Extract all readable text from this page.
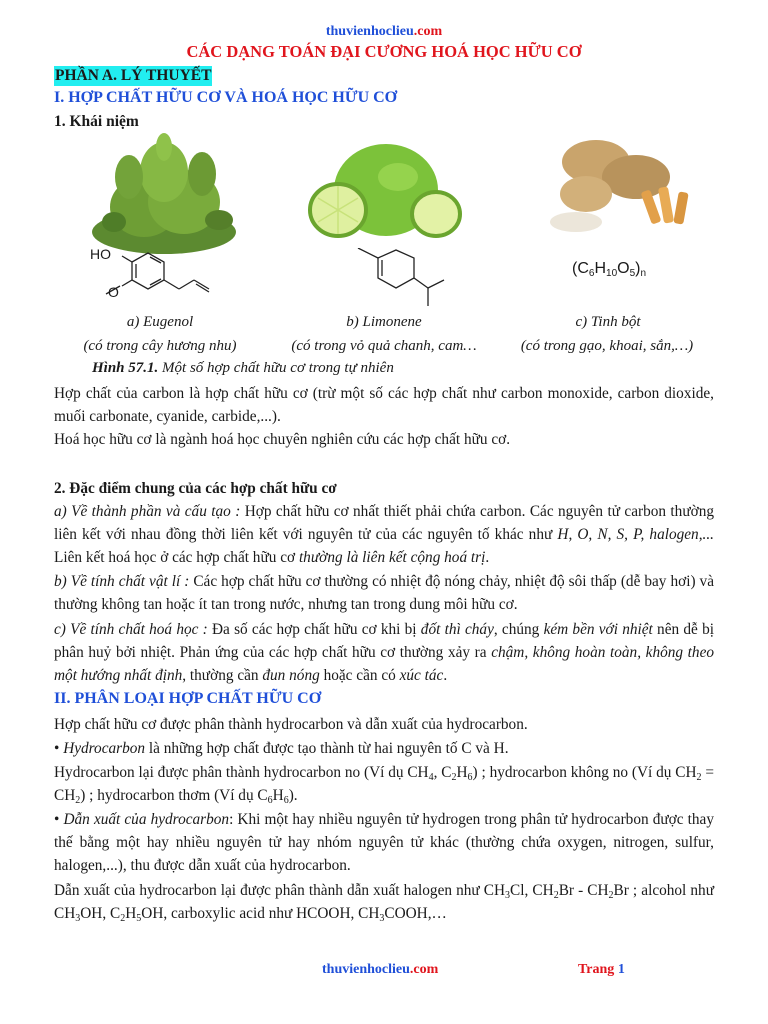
thuvienhoclieu.com
CÁC DẠNG TOÁN ĐẠI CƯƠNG HOÁ HỌC HỮU CƠ
PHẦN A. LÝ THUYẾT
I. HỢP CHẤT HỮU CƠ VÀ HOÁ HỌC HỮU CƠ
1. Khái niệm
HO
O
$(C_6H_{10}O_5)_n$
a) Eugenol	b) Limonene	c) Tinh bột
(có trong cây hương nhu)	(có trong vỏ quả chanh, cam…	(có trong gạo, khoai, sắn,…)
Hình 57.1. Một số hợp chất hữu cơ trong tự nhiên
Hợp chất của carbon là hợp chất hữu cơ (trừ một số các hợp chất như carbon monoxide, carbon dioxide, muối carbonate, cyanide, carbide,...).
Hoá học hữu cơ là ngành hoá học chuyên nghiên cứu các hợp chất hữu cơ.
2. Đặc điểm chung của các hợp chất hữu cơ
a) Về thành phần và cấu tạo : Hợp chất hữu cơ nhất thiết phải chứa carbon. Các nguyên tử carbon thường liên kết với nhau đồng thời liên kết với nguyên tử của các nguyên tố khác như H, O, N, S, P, halogen,... Liên kết hoá học ở các hợp chất hữu cơ thường là liên kết cộng hoá trị.
b) Về tính chất vật lí : Các hợp chất hữu cơ thường có nhiệt độ nóng chảy, nhiệt độ sôi thấp (dễ bay hơi) và thường không tan hoặc ít tan trong nước, nhưng tan trong dung môi hữu cơ.
c) Về tính chất hoá học : Đa số các hợp chất hữu cơ khi bị đốt thì cháy, chúng kém bền với nhiệt nên dễ bị phân huỷ bởi nhiệt. Phản ứng của các hợp chất hữu cơ thường xảy ra chậm, không hoàn toàn, không theo một hướng nhất định, thường cần đun nóng hoặc cần có xúc tác.
II. PHÂN LOẠI HỢP CHẤT HỮU CƠ
Hợp chất hữu cơ được phân thành hydrocarbon và dẫn xuất của hydrocarbon.
• Hydrocarbon là những hợp chất được tạo thành từ hai nguyên tố C và H.
Hydrocarbon lại được phân thành hydrocarbon no (Ví dụ $CH_4$, $C_2H_6$) ; hydrocarbon không no (Ví dụ $CH_2 = CH_2$) ; hydrocarbon thơm (Ví dụ $C_6H_6$).
• Dẫn xuất của hydrocarbon: Khi một hay nhiều nguyên tử hydrogen trong phân tử hydrocarbon được thay thế bằng một hay nhiều nguyên tử hay nhóm nguyên tử khác (thường chứa oxygen, nitrogen, sulfur, halogen,...), thu được dẫn xuất của hydrocarbon.
Dẫn xuất của hydrocarbon lại được phân thành dẫn xuất halogen như $CH_3Cl$, $CH_2Br - CH_2Br$ ; alcohol như $CH_3OH$, $C_2H_5OH$, carboxylic acid như HCOOH, $CH_3COOH,\dots$
thuvienhoclieu.com	Trang 1
